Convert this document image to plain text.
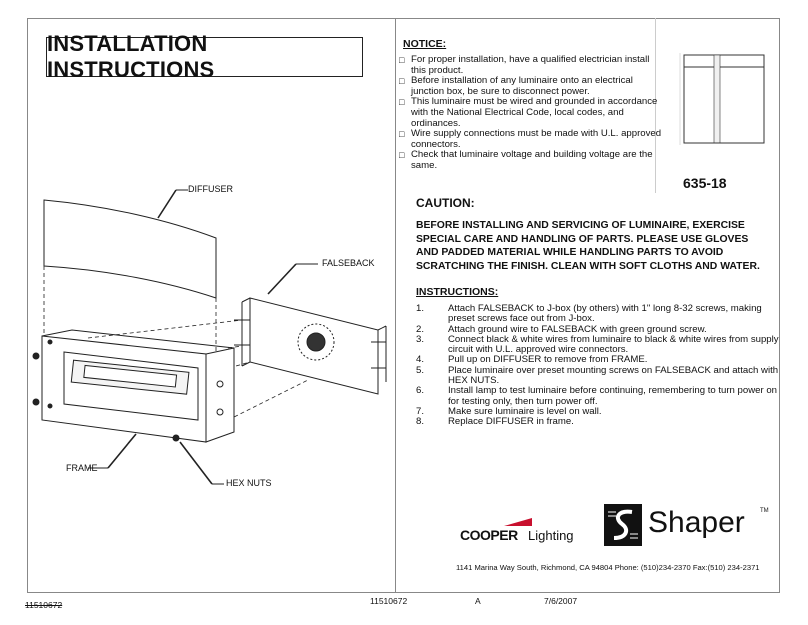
INSTALLATION INSTRUCTIONS
NOTICE:
□ For proper installation, have a qualified electrician install this product.
□ Before installation of any luminaire onto an electrical junction box, be sure to disconnect power.
□ This luminaire must be wired and grounded in accordance with the National Electrical Code, local codes, and ordinances.
□ Wire supply connections must be made with U.L. approved connectors.
□ Check that luminaire voltage and building voltage are the same.
635-18
CAUTION:
BEFORE INSTALLING AND SERVICING OF LUMINAIRE, EXERCISE SPECIAL CARE AND HANDLING OF PARTS. PLEASE USE GLOVES AND PADDED MATERIAL WHILE HANDLING PARTS TO AVOID SCRATCHING THE FINISH. CLEAN WITH SOFT CLOTHS AND WATER.
INSTRUCTIONS:
1.	Attach FALSEBACK to J-box (by others) with 1" long 8-32 screws, making preset screws face out from J-box.
2.	Attach ground wire to FALSEBACK with green ground screw.
3.	Connect black & white wires from luminaire to black & white wires from supply circuit with U.L. approved wire connectors.
4.	Pull up on DIFFUSER to remove from FRAME.
5.	Place luminaire over preset mounting screws on FALSEBACK and attach with HEX NUTS.
6.	Install lamp to test luminaire before continuing, remembering to turn power on for testing only, then turn power off.
7.	Make sure luminaire is level on wall.
8.	Replace DIFFUSER in frame.
DIFFUSER
FALSEBACK
FRAME
HEX NUTS
COOPER Lighting Shaper	TM
1141 Marina Way South, Richmond, CA 94804 Phone: (510)234-2370 Fax:(510) 234-2371
11510672	11510672	A	7/6/2007
